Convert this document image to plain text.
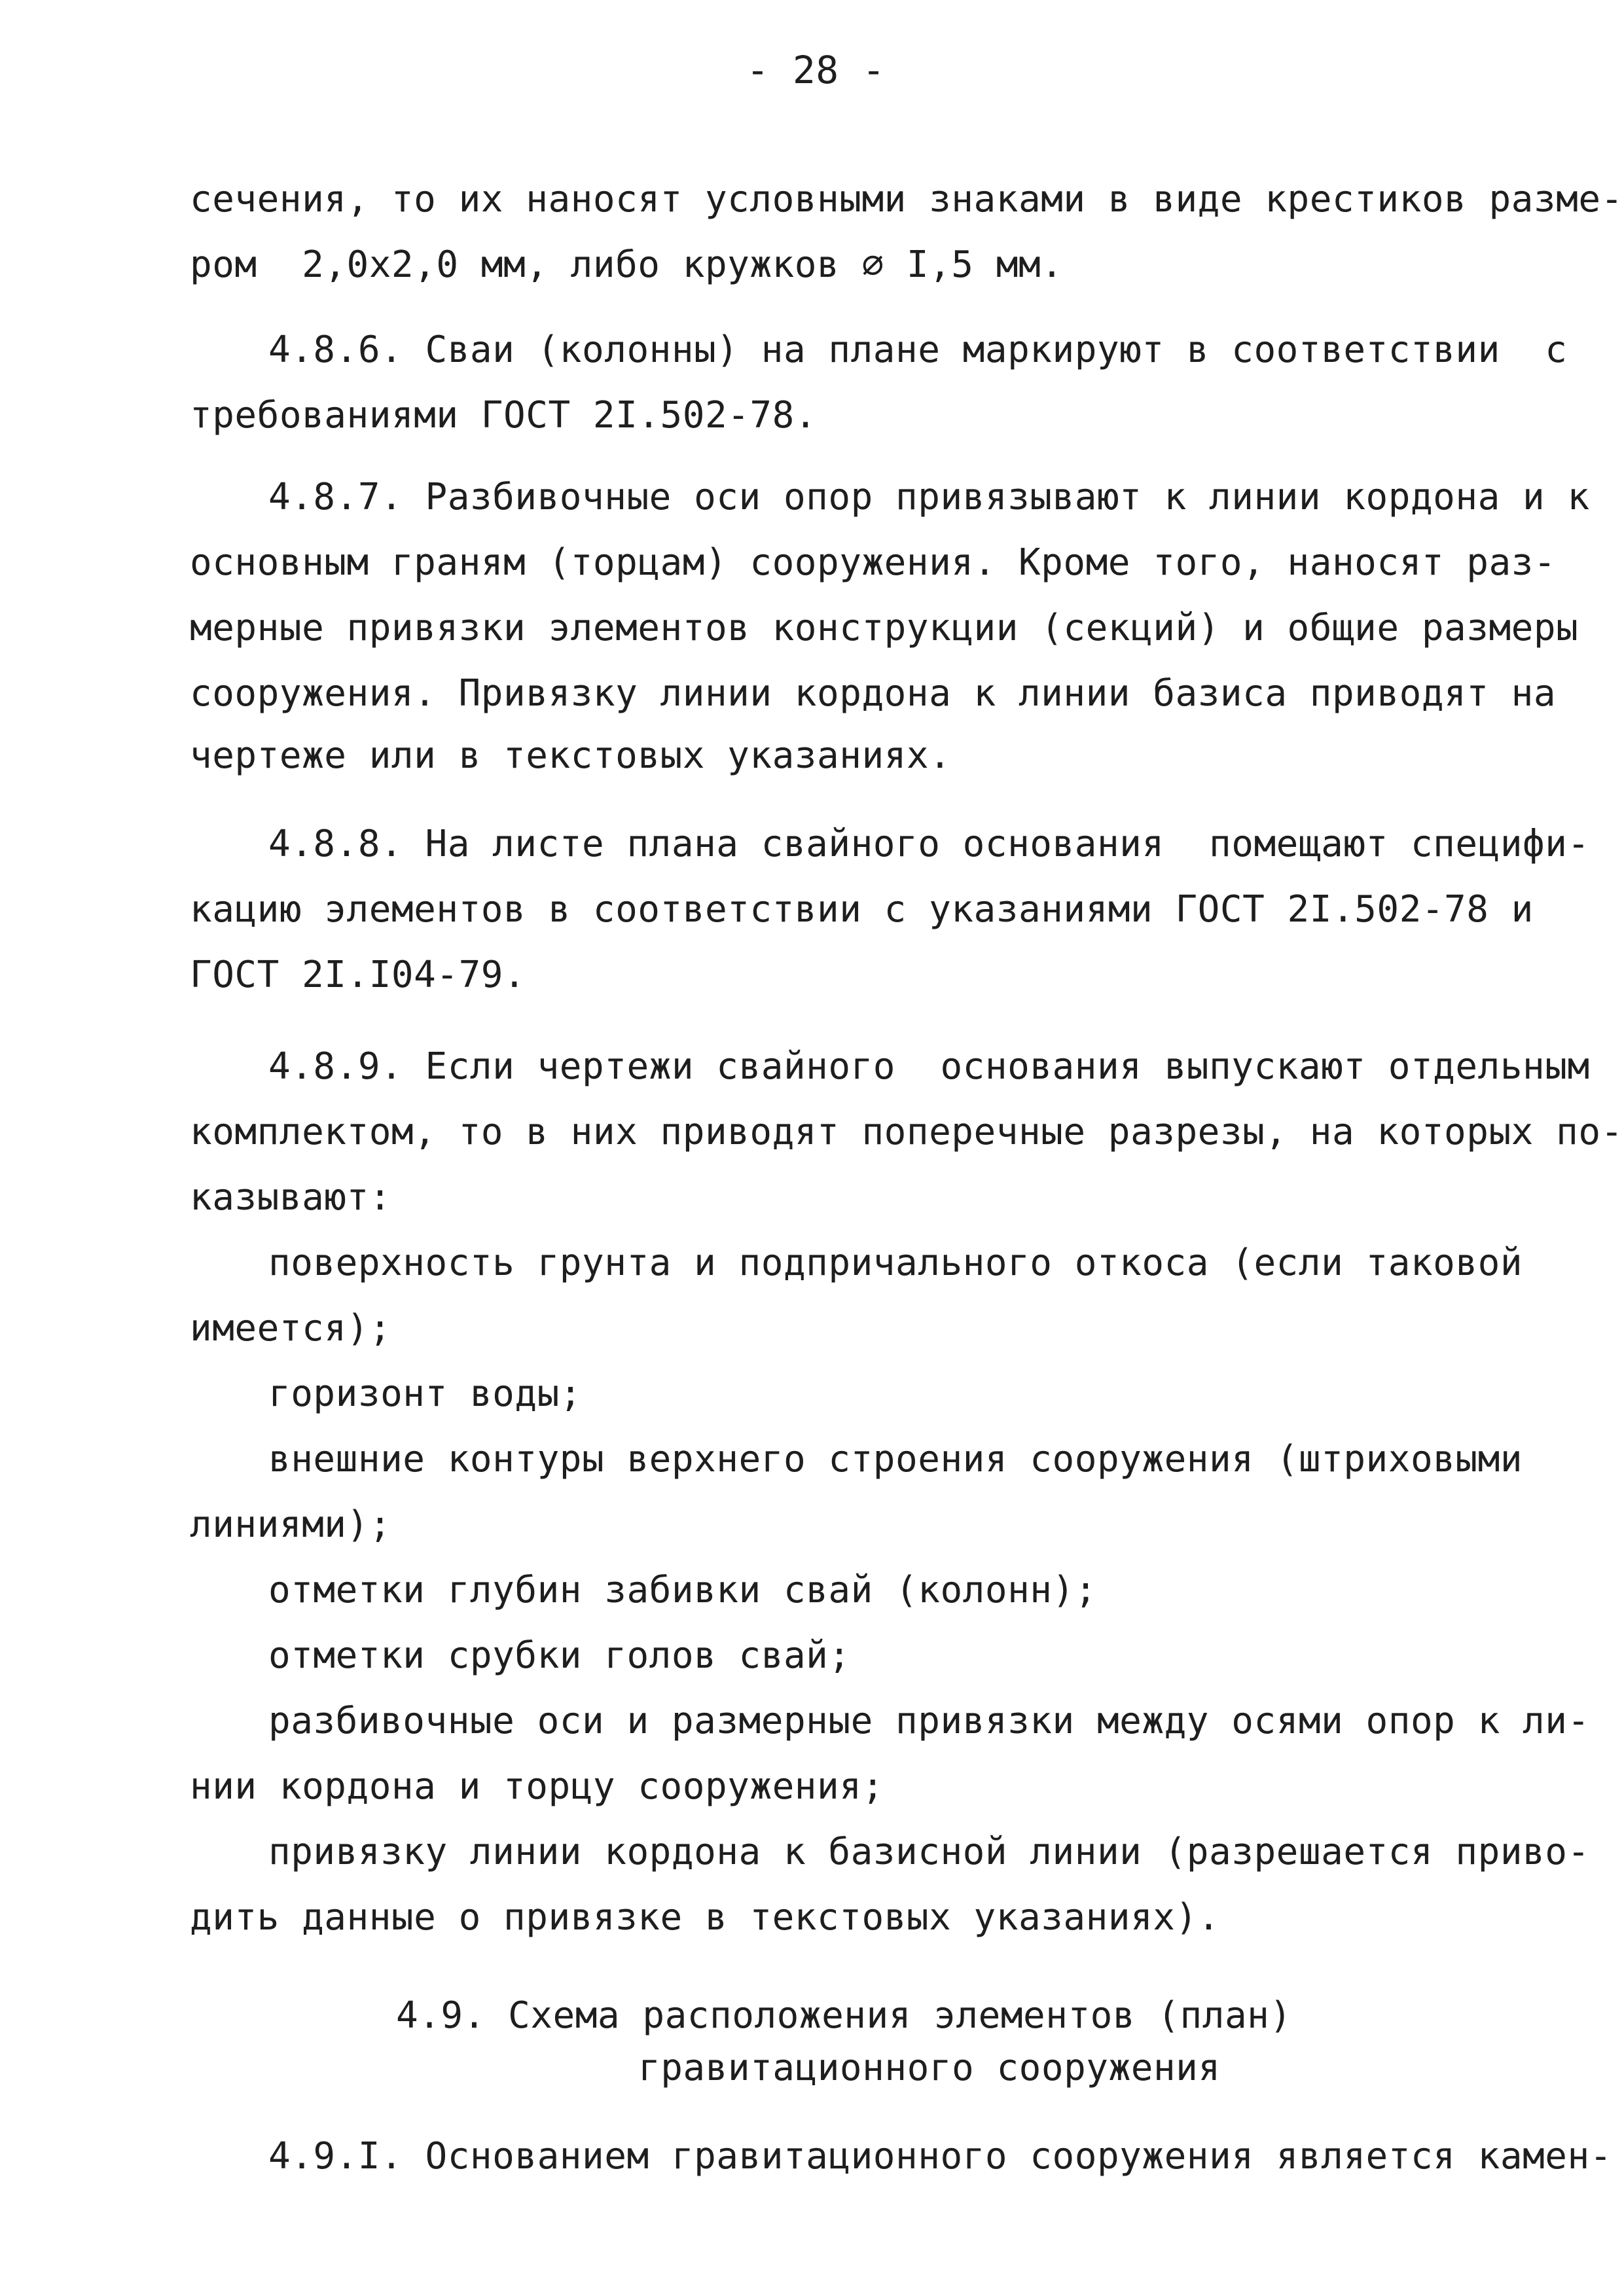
- 28 -
сечения, то их наносят условными знаками в виде крестиков разме-
ром  2,0х2,0 мм, либо кружков ∅ I,5 мм.
4.8.6. Сваи (колонны) на плане маркируют в соответствии  с
требованиями ГОСТ 2I.502-78.
4.8.7. Разбивочные оси опор привязывают к линии кордона и к
основным граням (торцам) сооружения. Кроме того, наносят раз-
мерные привязки элементов конструкции (секций) и общие размеры
сооружения. Привязку линии кордона к линии базиса приводят на
чертеже или в текстовых указаниях.
4.8.8. На листе плана свайного основания  помещают специфи-
кацию элементов в соответствии с указаниями ГОСТ 2I.502-78 и
ГОСТ 2I.I04-79.
4.8.9. Если чертежи свайного  основания выпускают отдельным
комплектом, то в них приводят поперечные разрезы, на которых по-
казывают:
поверхность грунта и подпричального откоса (если таковой
имеется);
горизонт воды;
внешние контуры верхнего строения сооружения (штриховыми
линиями);
отметки глубин забивки свай (колонн);
отметки срубки голов свай;
разбивочные оси и размерные привязки между осями опор к ли-
нии кордона и торцу сооружения;
привязку линии кордона к базисной линии (разрешается приво-
дить данные о привязке в текстовых указаниях).
4.9. Схема расположения элементов (план)
гравитационного сооружения
4.9.I. Основанием гравитационного сооружения является камен-
